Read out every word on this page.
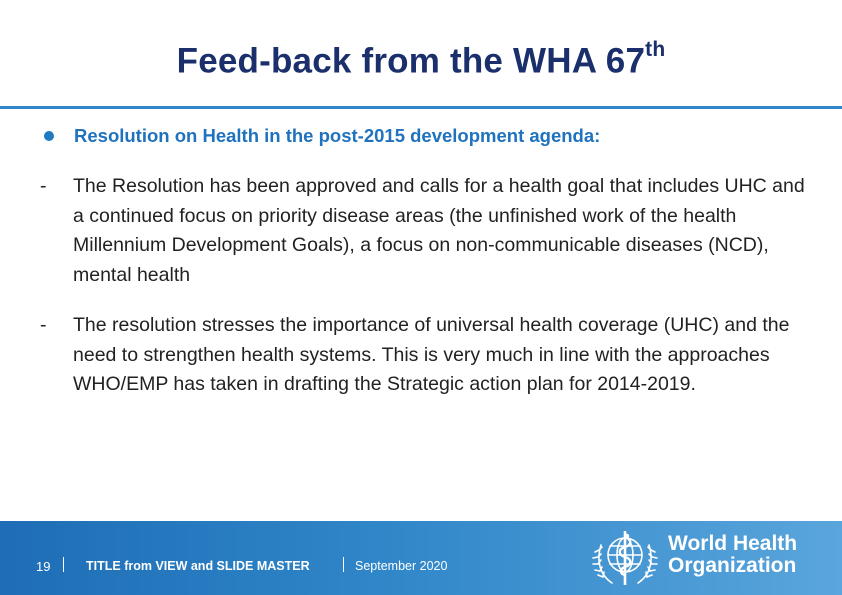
Feed-back from the WHA 67th
Resolution on Health in the post-2015 development agenda:
-	The Resolution has been approved and calls for a health goal that includes UHC and a continued focus on priority disease areas (the unfinished work of the health Millennium Development Goals), a focus on non-communicable diseases (NCD), mental health
-	The resolution stresses the importance of universal health coverage (UHC) and the need to strengthen health systems. This is very much in line with the approaches WHO/EMP has taken in drafting the Strategic action plan for 2014-2019.
19	TITLE from VIEW and SLIDE MASTER	September 2020
World Health
Organization
